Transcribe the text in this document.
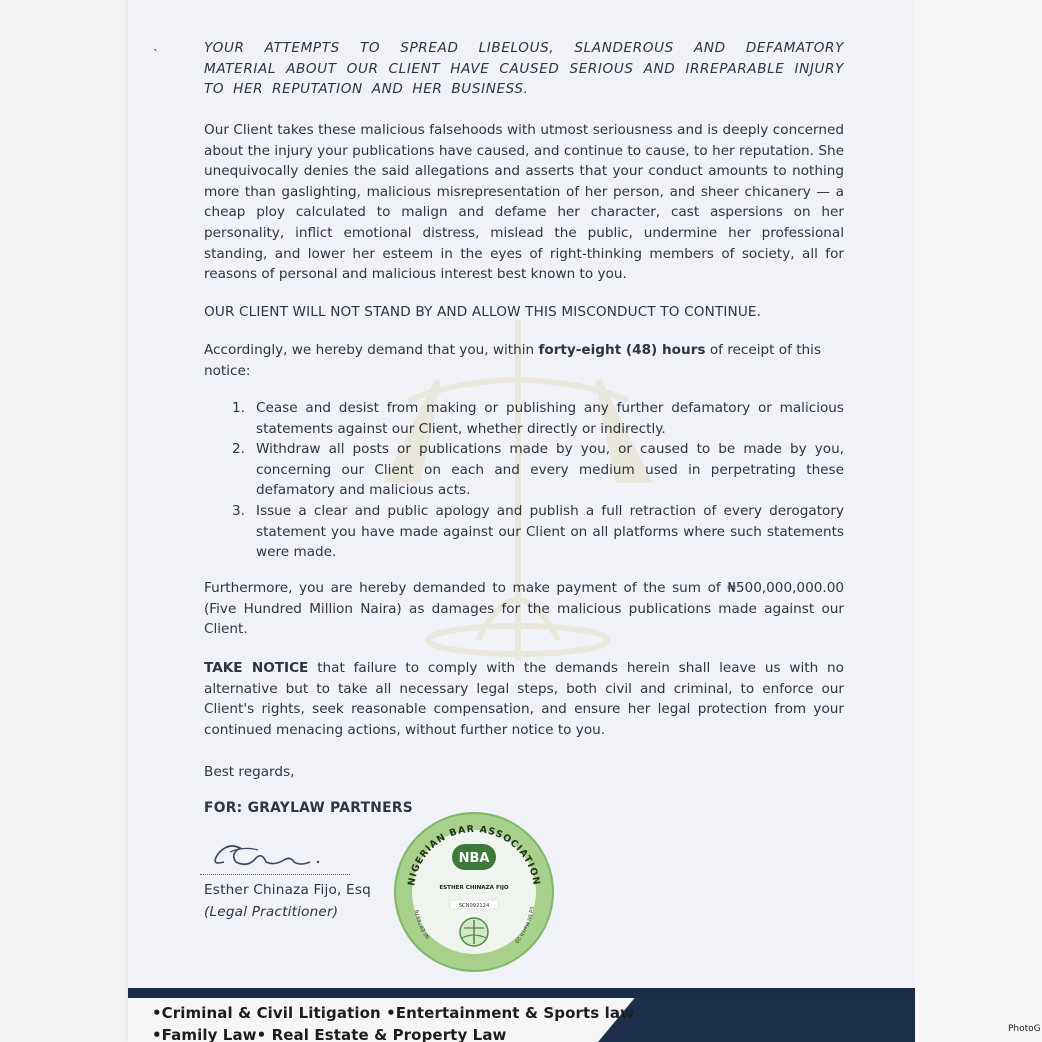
˴	YOUR ATTEMPTS TO SPREAD LIBELOUS, SLANDEROUS AND DEFAMATORY MATERIAL ABOUT OUR CLIENT HAVE CAUSED SERIOUS AND IRREPARABLE INJURY TO HER REPUTATION AND HER BUSINESS.
Our Client takes these malicious falsehoods with utmost seriousness and is deeply concerned about the injury your publications have caused, and continue to cause, to her reputation. She unequivocally denies the said allegations and asserts that your conduct amounts to nothing more than gaslighting, malicious misrepresentation of her person, and sheer chicanery — a cheap ploy calculated to malign and defame her character, cast aspersions on her personality, inflict emotional distress, mislead the public, undermine her professional standing, and lower her esteem in the eyes of right-thinking members of society, all for reasons of personal and malicious interest best known to you.
OUR CLIENT WILL NOT STAND BY AND ALLOW THIS MISCONDUCT TO CONTINUE.
Accordingly, we hereby demand that you, within forty-eight (48) hours of receipt of this notice:
1. Cease and desist from making or publishing any further defamatory or malicious statements against our Client, whether directly or indirectly.
2. Withdraw all posts or publications made by you, or caused to be made by you, concerning our Client on each and every medium used in perpetrating these defamatory and malicious acts.
3. Issue a clear and public apology and publish a full retraction of every derogatory statement you have made against our Client on all platforms where such statements were made.
Furthermore, you are hereby demanded to make payment of the sum of ₦500,000,000.00 (Five Hundred Million Naira) as damages for the malicious publications made against our Client.
TAKE NOTICE that failure to comply with the demands herein shall leave us with no alternative but to take all necessary legal steps, both civil and criminal, to enforce our Client's rights, seek reasonable compensation, and ensure her legal protection from your continued menacing actions, without further notice to you.
Best regards,
FOR: GRAYLAW PARTNERS
Esther Chinaza Fijo, Esq
(Legal Practitioner)
NIGERIAN BAR ASSOCIATION
Nº E878976
lid till March 20
NBA
ESTHER CHINAZA FIJO
SCN092124
•Criminal & Civil Litigation •Entertainment & Sports law
•Family Law• Real Estate & Property Law	PhotoG
